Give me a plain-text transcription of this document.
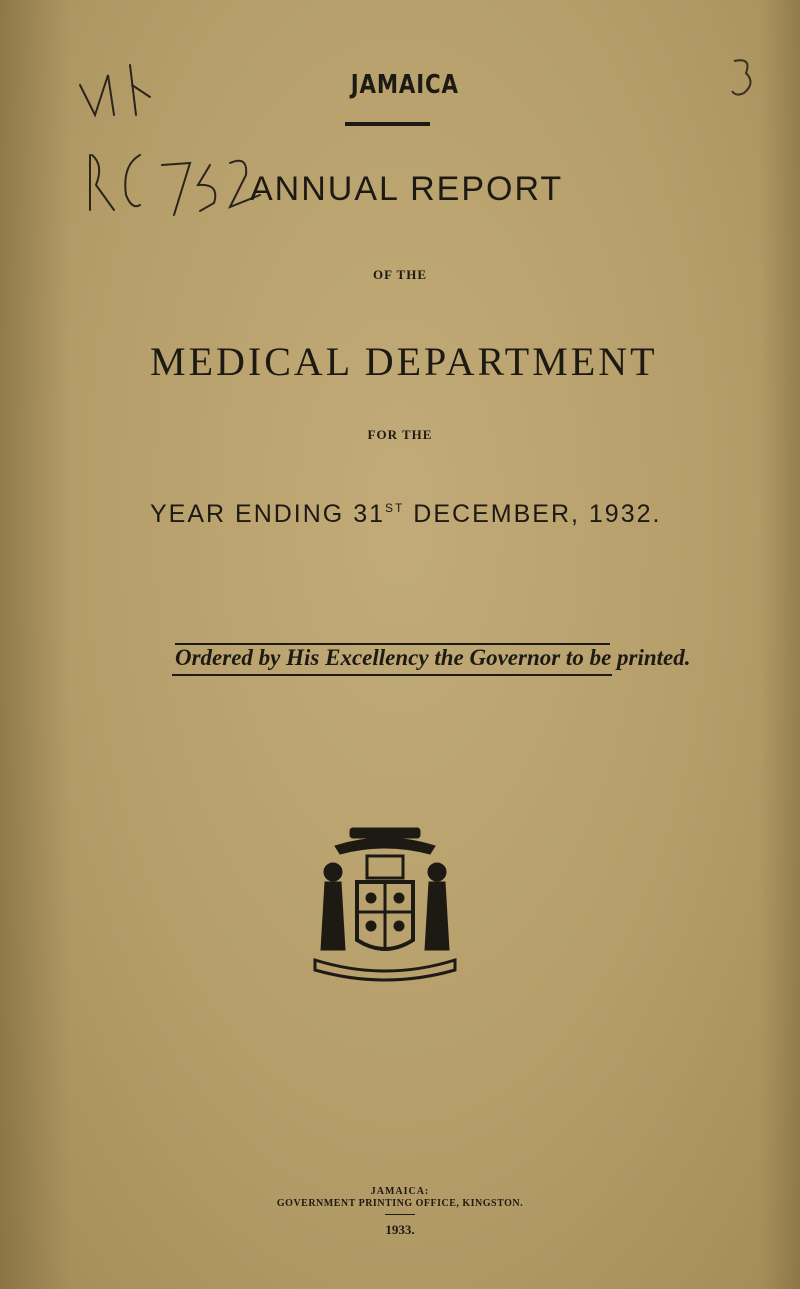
JAMAICA
ANNUAL REPORT
OF THE
MEDICAL DEPARTMENT
FOR THE
YEAR ENDING 31ST DECEMBER, 1932.
Ordered by His Excellency the Governor to be printed.
JAMAICA:
GOVERNMENT PRINTING OFFICE, KINGSTON.
1933.
